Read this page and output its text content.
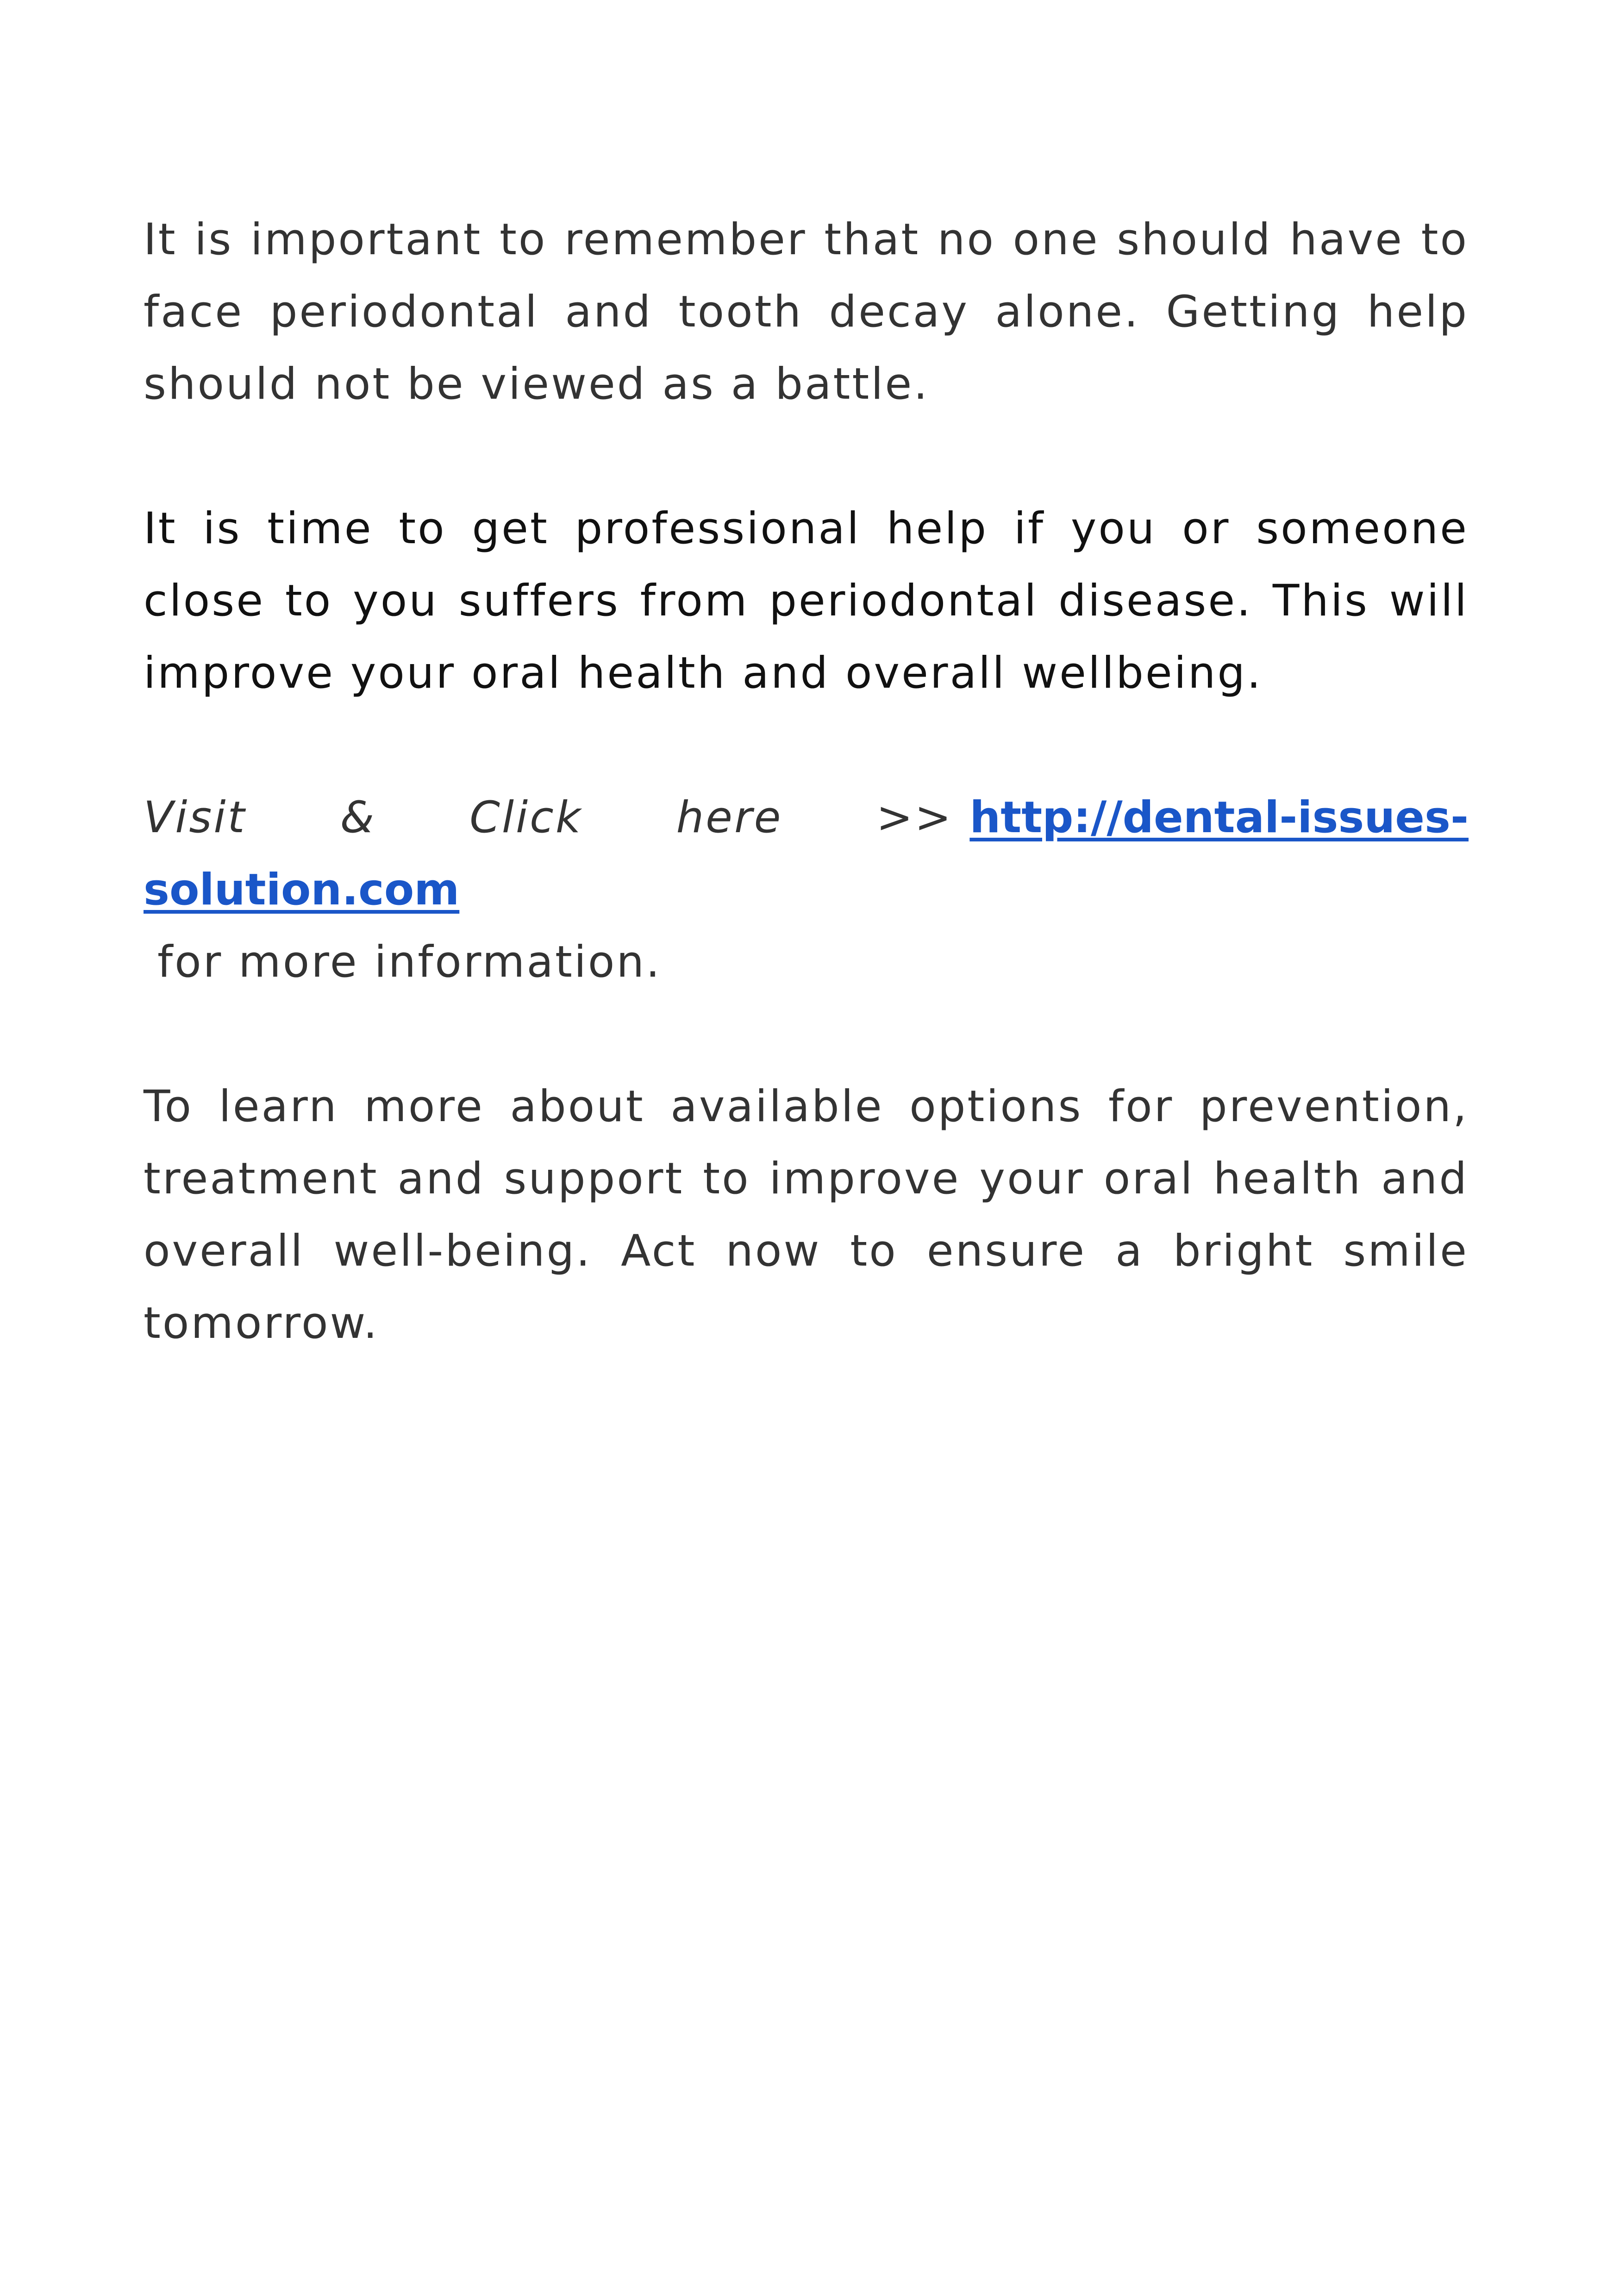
It is important to remember that no one should have to face periodontal and tooth decay alone. Getting help should not be viewed as a battle.

It is time to get professional help if you or someone close to you suffers from periodontal disease. This will improve your oral health and overall wellbeing.

Visit & Click here >> http://dental-issues-solution.com
for more information.

To learn more about available options for prevention, treatment and support to improve your oral health and overall well-being. Act now to ensure a bright smile tomorrow.
